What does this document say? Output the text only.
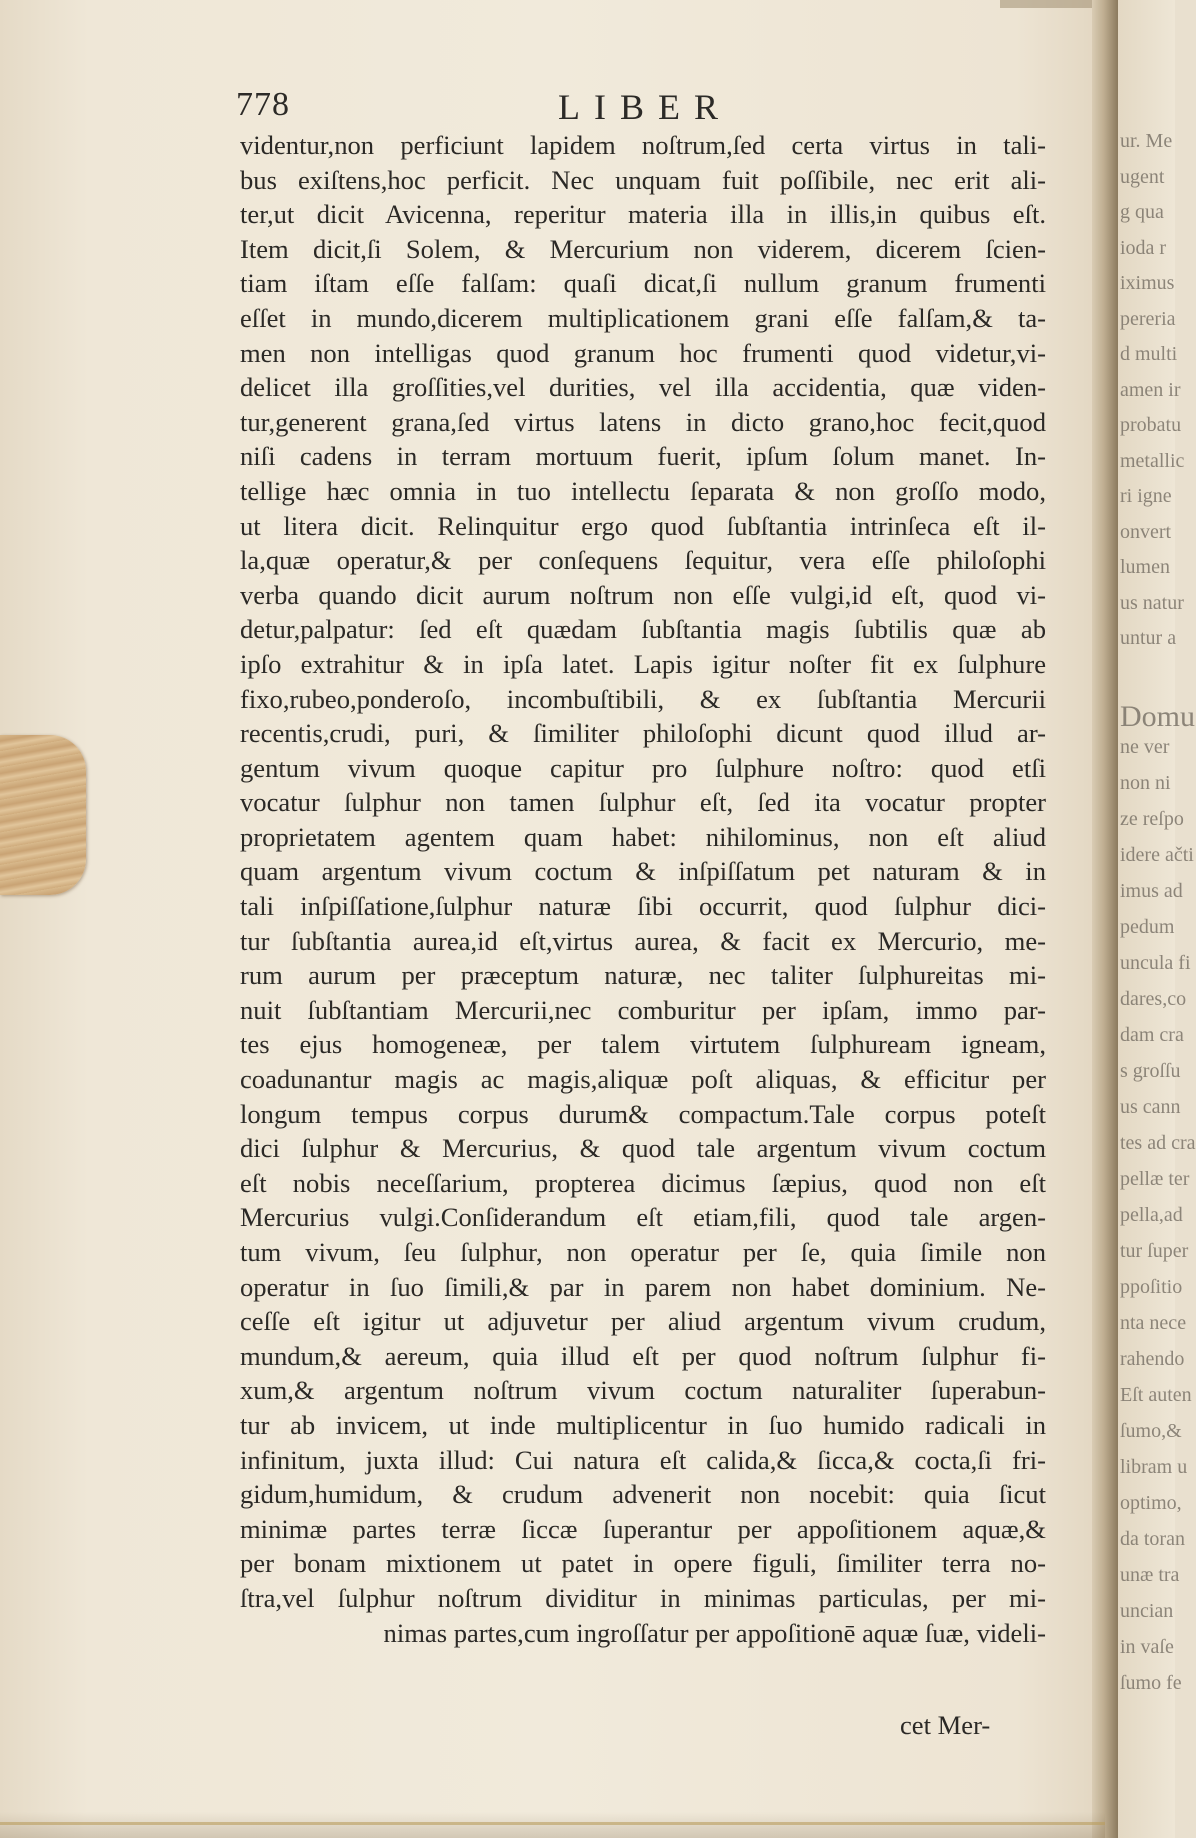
ur. Me
ugent
g qua
ioda r
iximus
pereria
d multi
amen ir
probatu
metallic
ri igne
onvert
lumen
us natur
untur a
Domu
ne ver
non ni
ze reſpo
idere ačti
imus ad
pedum
uncula fi
dares,co
dam cra
s groſſu
us cann
tes ad cra
pellæ ter
pella,ad
tur ſuper
ppoſitio
nta nece
rahendo
Eſt auten
ſumo,&
libram u
optimo,
da toran
unæ tra
uncian
in vaſe
ſumo fe
778	LIBER
videntur,non perficiunt lapidem noſtrum,ſed certa virtus in tali-
bus exiſtens,hoc perficit. Nec unquam fuit poſſibile, nec erit ali-
ter,ut dicit Avicenna, reperitur materia illa in illis,in quibus eſt.
Item dicit,ſi Solem, & Mercurium non viderem, dicerem ſcien-
tiam iſtam eſſe falſam: quaſi dicat,ſi nullum granum frumenti
eſſet in mundo,dicerem multiplicationem grani eſſe falſam,& ta-
men non intelligas quod granum hoc frumenti quod videtur,vi-
delicet illa groſſities,vel durities, vel illa accidentia, quæ viden-
tur,generent grana,ſed virtus latens in dicto grano,hoc fecit,quod
niſi cadens in terram mortuum fuerit, ipſum ſolum manet. In-
tellige hæc omnia in tuo intellectu ſeparata & non groſſo modo,
ut litera dicit. Relinquitur ergo quod ſubſtantia intrinſeca eſt il-
la,quæ operatur,& per conſequens ſequitur, vera eſſe philoſophi
verba quando dicit aurum noſtrum non eſſe vulgi,id eſt, quod vi-
detur,palpatur: ſed eſt quædam ſubſtantia magis ſubtilis quæ ab
ipſo extrahitur & in ipſa latet. Lapis igitur noſter fit ex ſulphure
fixo,rubeo,ponderoſo, incombuſtibili, & ex ſubſtantia Mercurii
recentis,crudi, puri, & ſimiliter philoſophi dicunt quod illud ar-
gentum vivum quoque capitur pro ſulphure noſtro: quod etſi
vocatur ſulphur non tamen ſulphur eſt, ſed ita vocatur propter
proprietatem agentem quam habet: nihilominus, non eſt aliud
quam argentum vivum coctum & inſpiſſatum pet naturam & in
tali inſpiſſatione,ſulphur naturæ ſibi occurrit, quod ſulphur dici-
tur ſubſtantia aurea,id eſt,virtus aurea, & facit ex Mercurio, me-
rum aurum per præceptum naturæ, nec taliter ſulphureitas mi-
nuit ſubſtantiam Mercurii,nec comburitur per ipſam, immo par-
tes ejus homogeneæ, per talem virtutem ſulphuream igneam,
coadunantur magis ac magis,aliquæ poſt aliquas, & efficitur per
longum tempus corpus durum& compactum.Tale corpus poteſt
dici ſulphur & Mercurius, & quod tale argentum vivum coctum
eſt nobis neceſſarium, propterea dicimus ſæpius, quod non eſt
Mercurius vulgi.Conſiderandum eſt etiam,fili, quod tale argen-
tum vivum, ſeu ſulphur, non operatur per ſe, quia ſimile non
operatur in ſuo ſimili,& par in parem non habet dominium. Ne-
ceſſe eſt igitur ut adjuvetur per aliud argentum vivum crudum,
mundum,& aereum, quia illud eſt per quod noſtrum ſulphur fi-
xum,& argentum noſtrum vivum coctum naturaliter ſuperabun-
tur ab invicem, ut inde multiplicentur in ſuo humido radicali in
infinitum, juxta illud: Cui natura eſt calida,& ſicca,& cocta,ſi fri-
gidum,humidum, & crudum advenerit non nocebit: quia ſicut
minimæ partes terræ ſiccæ ſuperantur per appoſitionem aquæ,&
per bonam mixtionem ut patet in opere figuli, ſimiliter terra no-
ſtra,vel ſulphur noſtrum dividitur in minimas particulas, per mi-
nimas partes,cum ingroſſatur per appoſitionē aquæ ſuæ, videli-
cet Mer-
